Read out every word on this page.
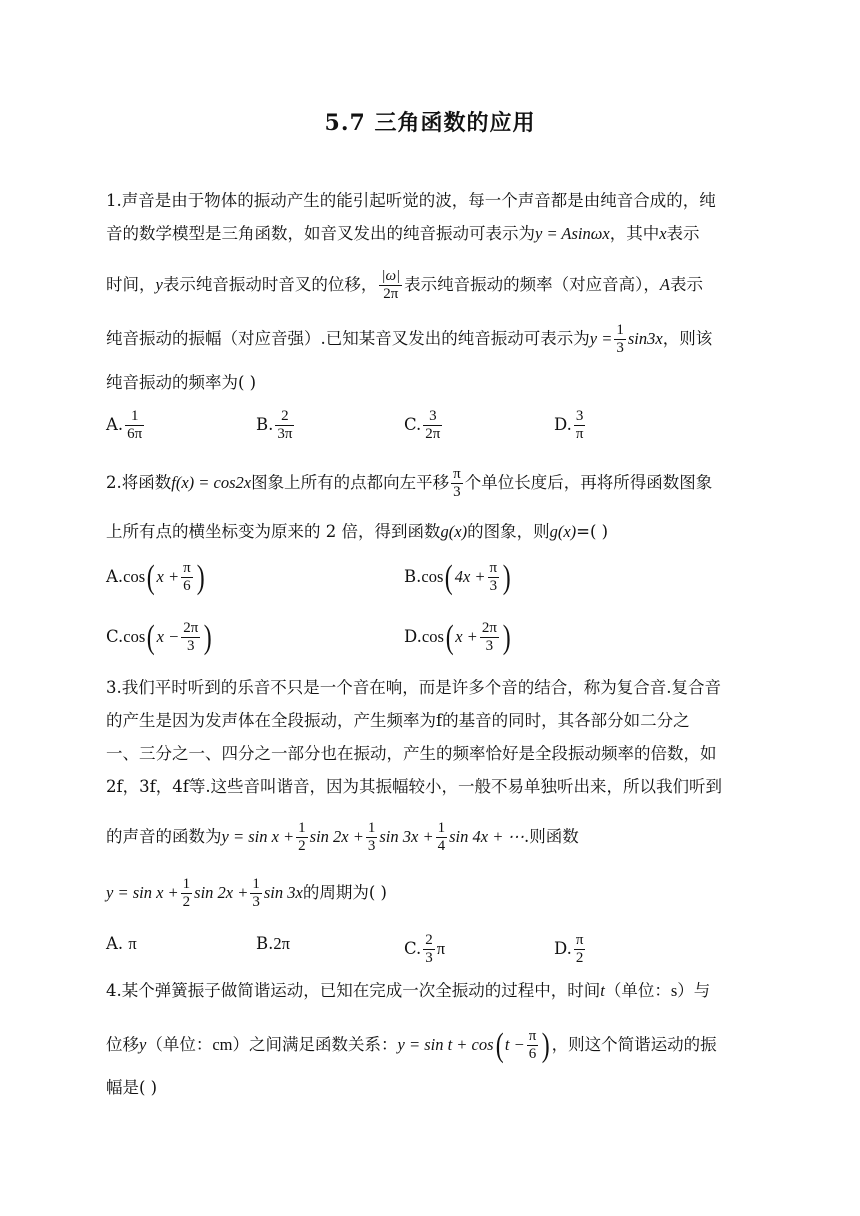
5.7 三角函数的应用
1.声音是由于物体的振动产生的能引起听觉的波，每一个声音都是由纯音合成的，纯
音的数学模型是三角函数，如音叉发出的纯音振动可表示为y = Asinωx，其中x表示
时间，y表示纯音振动时音叉的位移， $\frac{|\omega|}{2\pi}$ 表示纯音振动的频率（对应音高），A表示
纯音振动的振幅（对应音强）.已知某音叉发出的纯音振动可表示为$y = \frac{1}{3} \sin 3x$，则该
纯音振动的频率为( )
A. $\frac{1}{6\pi}$	B. $\frac{2}{3\pi}$	C. $\frac{3}{2\pi}$	D. $\frac{3}{\pi}$
2.将函数f(x) = cos2x图象上所有的点都向左平移 $\frac{\pi}{3}$ 个单位长度后，再将所得函数图象
上所有点的横坐标变为原来的 2 倍，得到函数g(x)的图象，则g(x)=( )
A.cos( $x + \frac{\pi}{6}$ )	B.cos( $4x + \frac{\pi}{3}$ )
C.cos( $x - \frac{2\pi}{3}$ )	D.cos( $x + \frac{2\pi}{3}$ )
3.我们平时听到的乐音不只是一个音在响，而是许多个音的结合，称为复合音.复合音
的产生是因为发声体在全段振动，产生频率为f的基音的同时，其各部分如二分之
一、三分之一、四分之一部分也在振动，产生的频率恰好是全段振动频率的倍数，如
2f，3f，4f等.这些音叫谐音，因为其振幅较小，一般不易单独听出来，所以我们听到
的声音的函数为$y = \sin x + \frac{1}{2}$ $\sin 2x + \frac{1}{3}$ $\sin 3x + \frac{1}{4}$ sin 4x + ⋯.则函数
$y = \sin x + \frac{1}{2}$ $\sin 2x + \frac{1}{3}$ sin 3x的周期为( )
A. π	B.2π	C. $\frac{2}{3}$ π	D. $\frac{\pi}{2}$
4.某个弹簧振子做简谐运动，已知在完成一次全振动的过程中，时间t（单位：s）与
位移y（单位：cm）之间满足函数关系：y = sin t + cos( $t - \frac{\pi}{6}$ ) ，则这个简谐运动的振
幅是( )
